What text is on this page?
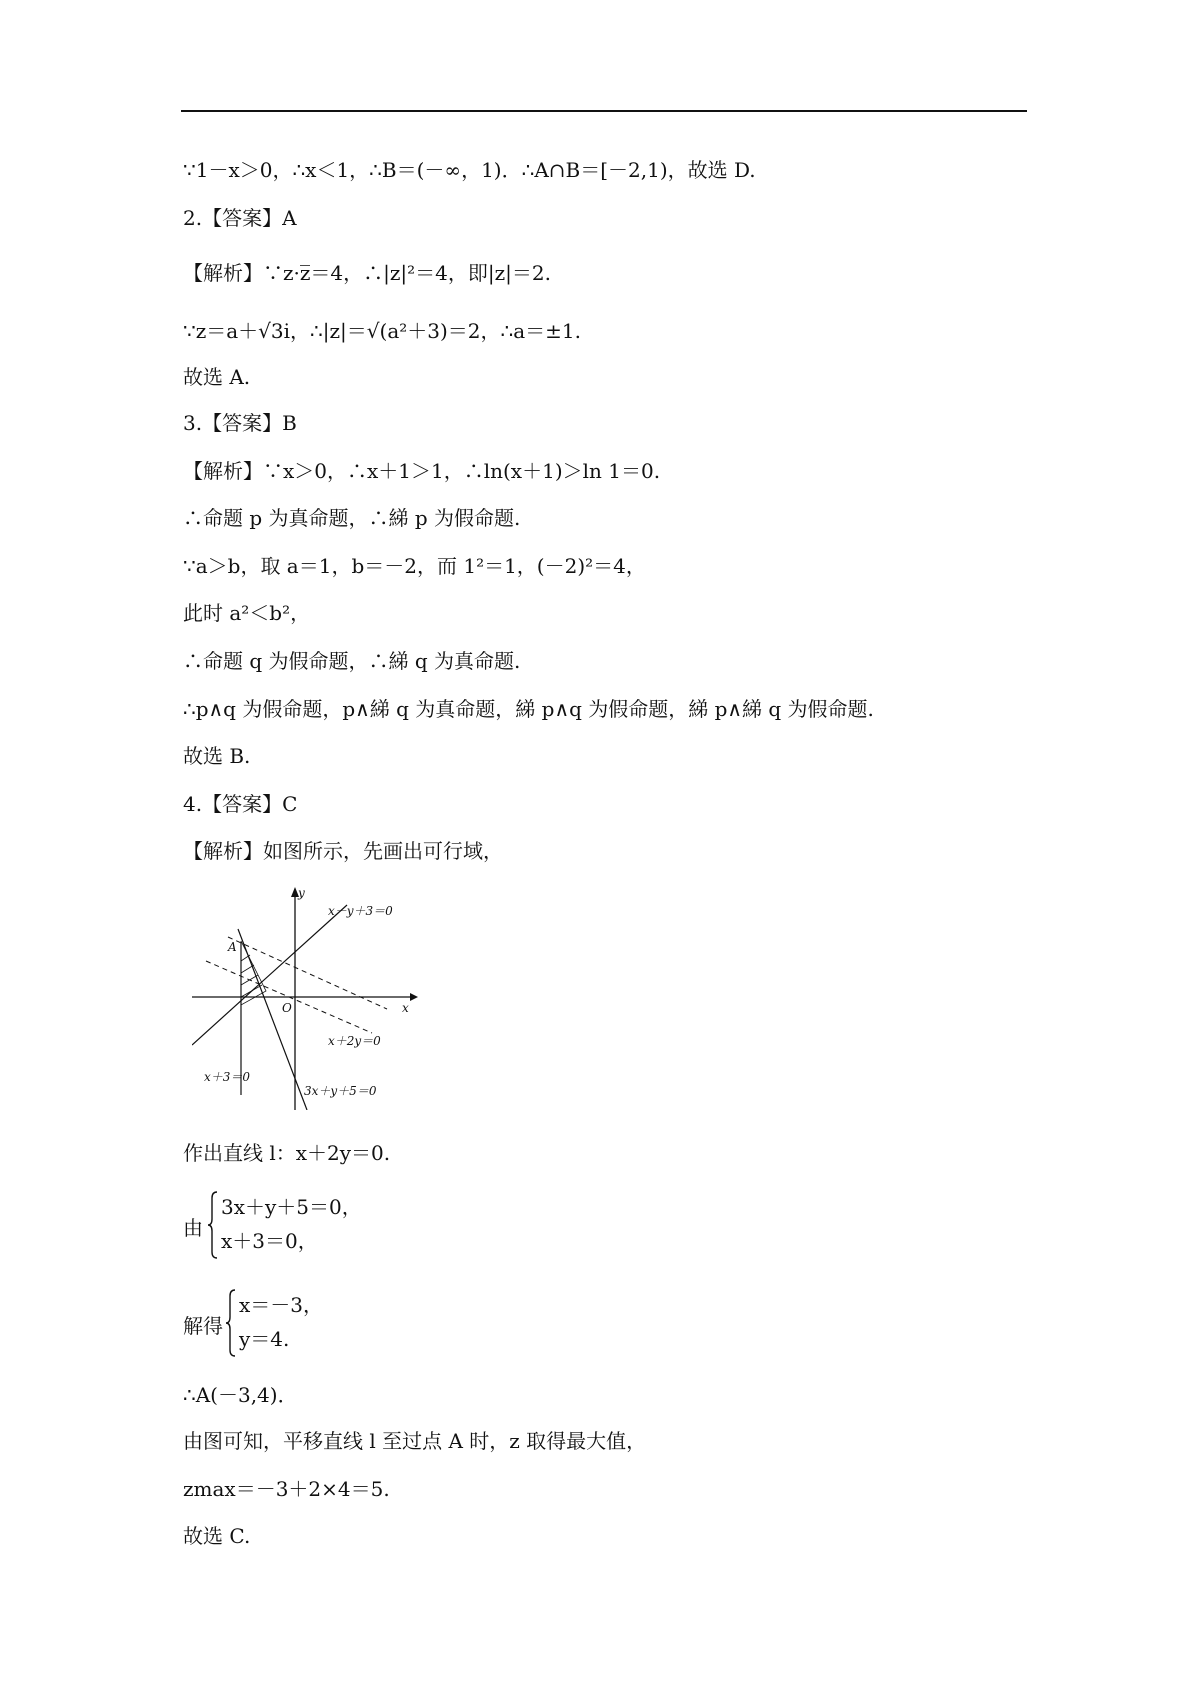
∵1－x＞0，∴x＜1，∴B＝(－∞，1)．∴A∩B＝[－2,1)，故选 D.
2.【答案】A
【解析】∵z·z̅＝4，∴|z|²＝4，即|z|＝2.
∵z＝a＋√3i，∴|z|＝√(a²＋3)＝2，∴a＝±1.
故选 A.
3.【答案】B
【解析】∵x＞0，∴x＋1＞1，∴ln(x＋1)＞ln 1＝0.
∴命题 p 为真命题，∴綈 p 为假命题.
∵a＞b，取 a＝1，b＝－2，而 1²＝1，(－2)²＝4，
此时 a²＜b²，
∴命题 q 为假命题，∴綈 q 为真命题.
∴p∧q 为假命题，p∧綈 q 为真命题，綈 p∧q 为假命题，綈 p∧綈 q 为假命题.
故选 B.
4.【答案】C
【解析】如图所示，先画出可行域，
y
x
O
A
x－y＋3＝0
x＋2y＝0
x＋3＝0
3x＋y＋5＝0
作出直线 l：x＋2y＝0.
由
3x＋y＋5＝0，
x＋3＝0，
解得
x＝－3，
y＝4.
∴A(－3,4)．
由图可知，平移直线 l 至过点 A 时，z 取得最大值，
zmax＝－3＋2×4＝5.
故选 C.
